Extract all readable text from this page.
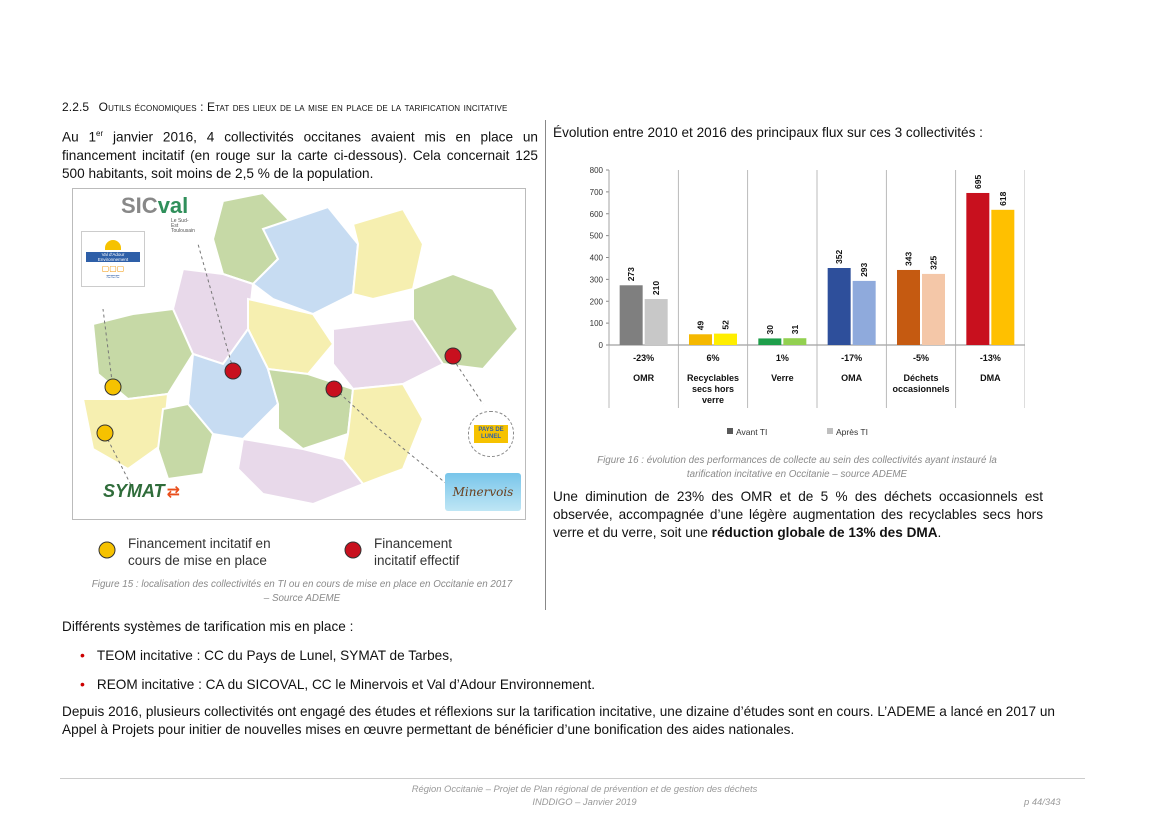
2.2.5 Outils économiques : Etat des lieux de la mise en place de la tarification incitative
Au 1er janvier 2016, 4 collectivités occitanes avaient mis en place un financement incitatif (en rouge sur la carte ci-dessous). Cela concernait 125 500 habitants, soit moins de 2,5 % de la population.
Évolution entre 2010 et 2016 des principaux flux sur ces 3 collectivités :
SICval
Le Sud-Est
Toulousain
Val d'Adour Environnement
▢▢▢
≈≈≈
SYMAT ⇄
PAYS DE LUNEL
Minervois
Financement incitatif en
cours de mise en place
Financement
incitatif effectif
Figure 15 : localisation des collectivités en TI ou en cours de mise en place en Occitanie en 2017
– Source ADEME
0
100
200
300
400
500
600
700
800
273
210
-23%
OMR
49 52
6%
Recyclables
secs hors
verre
30 31
1%
Verre
352
293
-17%
OMA
343 325
-5%
Déchets
occasionnels
695
618
-13%
DMA
Avant TI	Après TI
Figure 16 : évolution des performances de collecte au sein des collectivités ayant instauré la
tarification incitative en Occitanie – source ADEME
Une diminution de 23% des OMR et de 5 % des déchets occasionnels est observée, accompagnée d’une légère augmentation des recyclables secs hors verre et du verre, soit une réduction globale de 13% des DMA.
Différents systèmes de tarification mis en place :
• TEOM incitative : CC du Pays de Lunel, SYMAT de Tarbes,
• REOM incitative : CA du SICOVAL, CC le Minervois et Val d’Adour Environnement.
Depuis 2016, plusieurs collectivités ont engagé des études et réflexions sur la tarification incitative, une dizaine d’études sont en cours. L’ADEME a lancé en 2017 un Appel à Projets pour initier de nouvelles mises en œuvre permettant de bénéficier d’une bonification des aides nationales.
Région Occitanie – Projet de Plan régional de prévention et de gestion des déchets
INDDIGO – Janvier 2019	p 44/343
